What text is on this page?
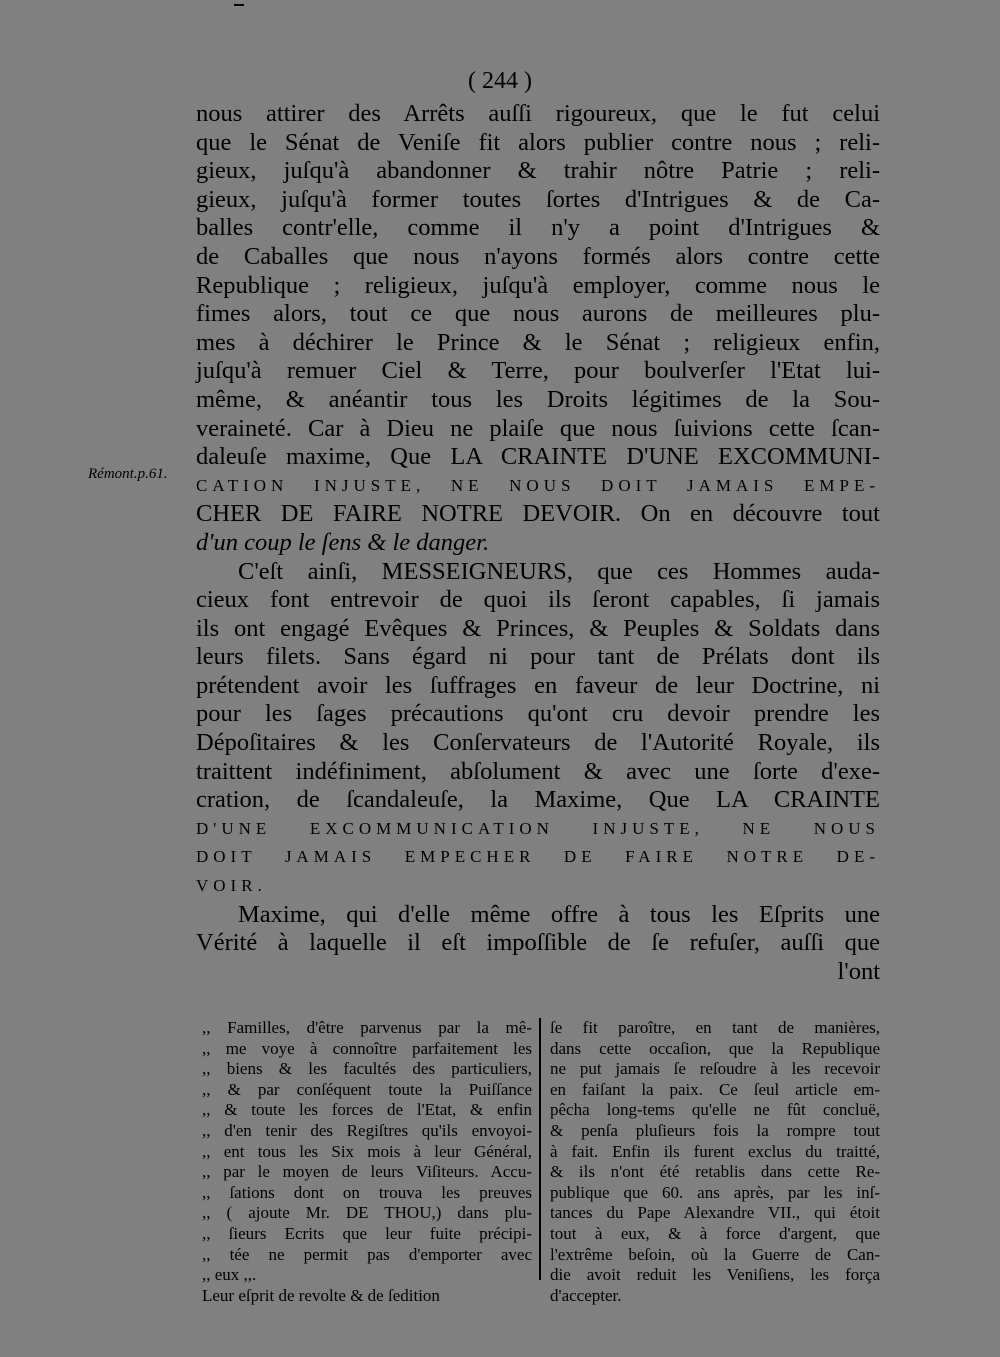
( 244 )
Rémont.p.61.
nous attirer des Arrêts auſſi rigoureux, que le fut celui
que le Sénat de Veniſe fit alors publier contre nous ; reli-
gieux, juſqu'à abandonner & trahir nôtre Patrie ; reli-
gieux, juſqu'à former toutes ſortes d'Intrigues & de Ca-
balles contr'elle, comme il n'y a point d'Intrigues &
de Caballes que nous n'ayons formés alors contre cette
Republique ; religieux, juſqu'à employer, comme nous le
fimes alors, tout ce que nous aurons de meilleures plu-
mes à déchirer le Prince & le Sénat ; religieux enfin,
juſqu'à remuer Ciel & Terre, pour boulverſer l'Etat lui-
même, & anéantir tous les Droits légitimes de la Sou-
veraineté. Car à Dieu ne plaiſe que nous ſuivions cette ſcan-
daleuſe maxime, Que LA CRAINTE D'UNE EXCOMMUNI-
CATION INJUSTE, NE NOUS DOIT JAMAIS EMPE-
CHER DE FAIRE NOTRE DEVOIR. On en découvre tout
d'un coup le ſens & le danger.
C'eſt ainſi, MESSEIGNEURS, que ces Hommes auda-
cieux font entrevoir de quoi ils ſeront capables, ſi jamais
ils ont engagé Evêques & Princes, & Peuples & Soldats dans
leurs filets. Sans égard ni pour tant de Prélats dont ils
prétendent avoir les ſuffrages en faveur de leur Doctrine, ni
pour les ſages précautions qu'ont cru devoir prendre les
Dépoſitaires & les Conſervateurs de l'Autorité Royale, ils
traittent indéfiniment, abſolument & avec une ſorte d'exe-
cration, de ſcandaleuſe, la Maxime, Que LA CRAINTE
D'UNE EXCOMMUNICATION INJUSTE, NE NOUS
DOIT JAMAIS EMPECHER DE FAIRE NOTRE DE-
VOIR.
Maxime, qui d'elle même offre à tous les Eſprits une
Vérité à laquelle il eſt impoſſible de ſe refuſer, auſſi que
l'ont
,, Familles, d'être parvenus par la mê-
,, me voye à connoître parfaitement les
,, biens & les facultés des particuliers,
,, & par conſéquent toute la Puiſſance
,, & toute les forces de l'Etat, & enfin
,, d'en tenir des Regiſtres qu'ils envoyoi-
,, ent tous les Six mois à leur Général,
,, par le moyen de leurs Viſiteurs. Accu-
,, ſations dont on trouva les preuves
,, ( ajoute Mr. DE THOU,) dans plu-
,, ſieurs Ecrits que leur fuite précipi-
,, tée ne permit pas d'emporter avec
,, eux ,,.
Leur eſprit de revolte & de ſedition
ſe fit paroître, en tant de manières,
dans cette occaſion, que la Republique
ne put jamais ſe reſoudre à les recevoir
en faiſant la paix. Ce ſeul article em-
pêcha long-tems qu'elle ne fût concluë,
& penſa pluſieurs fois la rompre tout
à fait. Enfin ils furent exclus du traitté,
& ils n'ont été retablis dans cette Re-
publique que 60. ans après, par les inſ-
tances du Pape Alexandre VII., qui étoit
tout à eux, & à force d'argent, que
l'extrême beſoin, où la Guerre de Can-
die avoit reduit les Veniſiens, les força
d'accepter.
